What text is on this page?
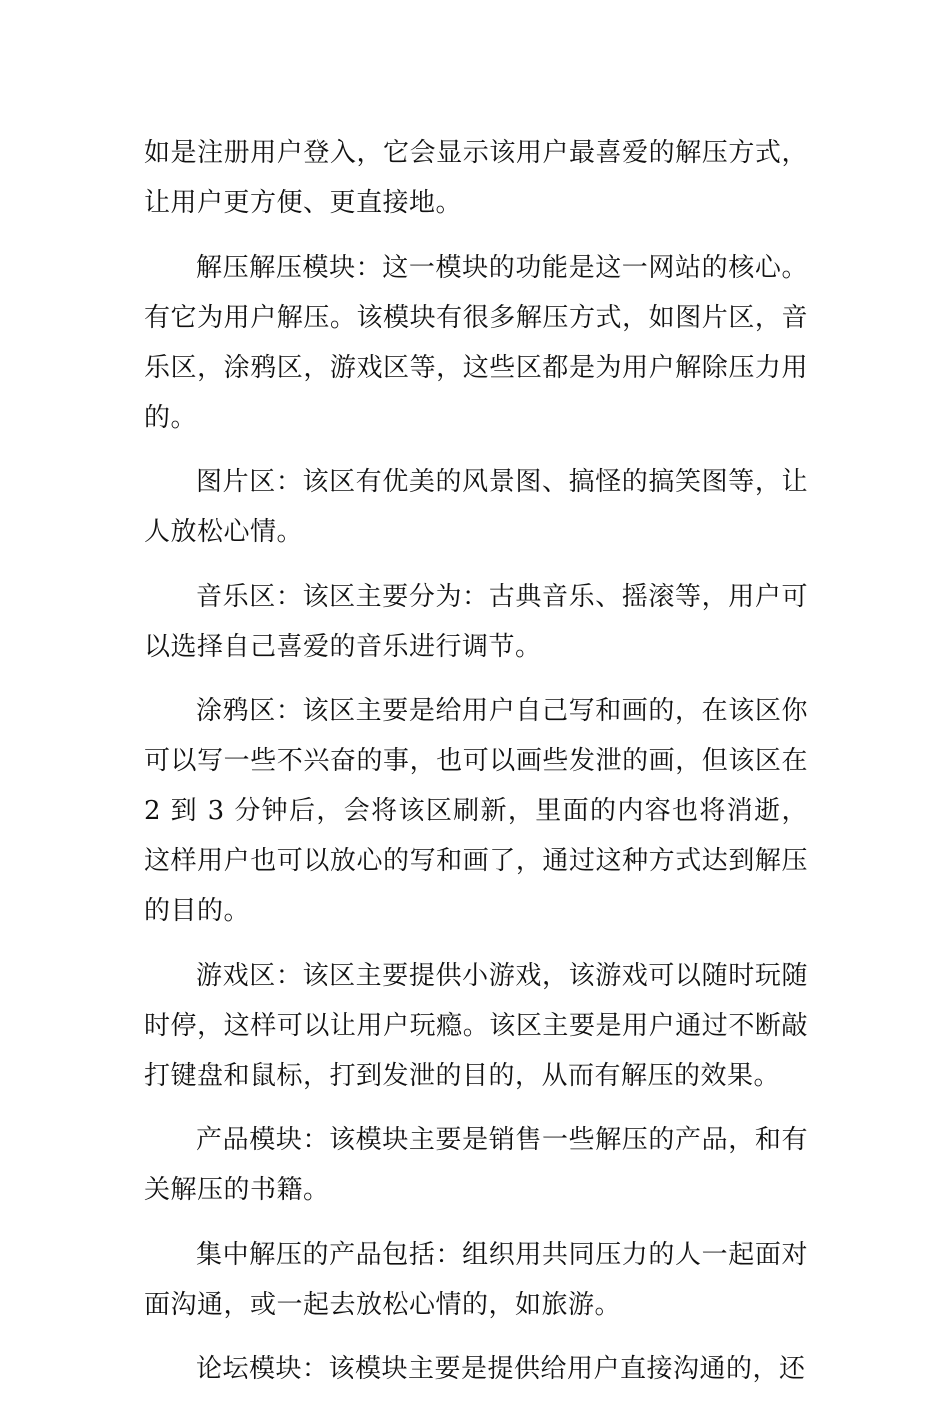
如是注册用户登入，它会显示该用户最喜爱的解压方式，让用户更方便、更直接地。

解压解压模块：这一模块的功能是这一网站的核心。有它为用户解压。该模块有很多解压方式，如图片区，音乐区，涂鸦区，游戏区等，这些区都是为用户解除压力用的。

图片区：该区有优美的风景图、搞怪的搞笑图等，让人放松心情。

音乐区：该区主要分为：古典音乐、摇滚等，用户可以选择自己喜爱的音乐进行调节。

涂鸦区：该区主要是给用户自己写和画的，在该区你可以写一些不兴奋的事，也可以画些发泄的画，但该区在 2 到 3 分钟后，会将该区刷新，里面的内容也将消逝，这样用户也可以放心的写和画了，通过这种方式达到解压的目的。

游戏区：该区主要提供小游戏，该游戏可以随时玩随时停，这样可以让用户玩瘾。该区主要是用户通过不断敲打键盘和鼠标，打到发泄的目的，从而有解压的效果。

产品模块：该模块主要是销售一些解压的产品，和有关解压的书籍。

集中解压的产品包括：组织用共同压力的人一起面对面沟通，或一起去放松心情的，如旅游。

论坛模块：该模块主要是提供给用户直接沟通的，还
